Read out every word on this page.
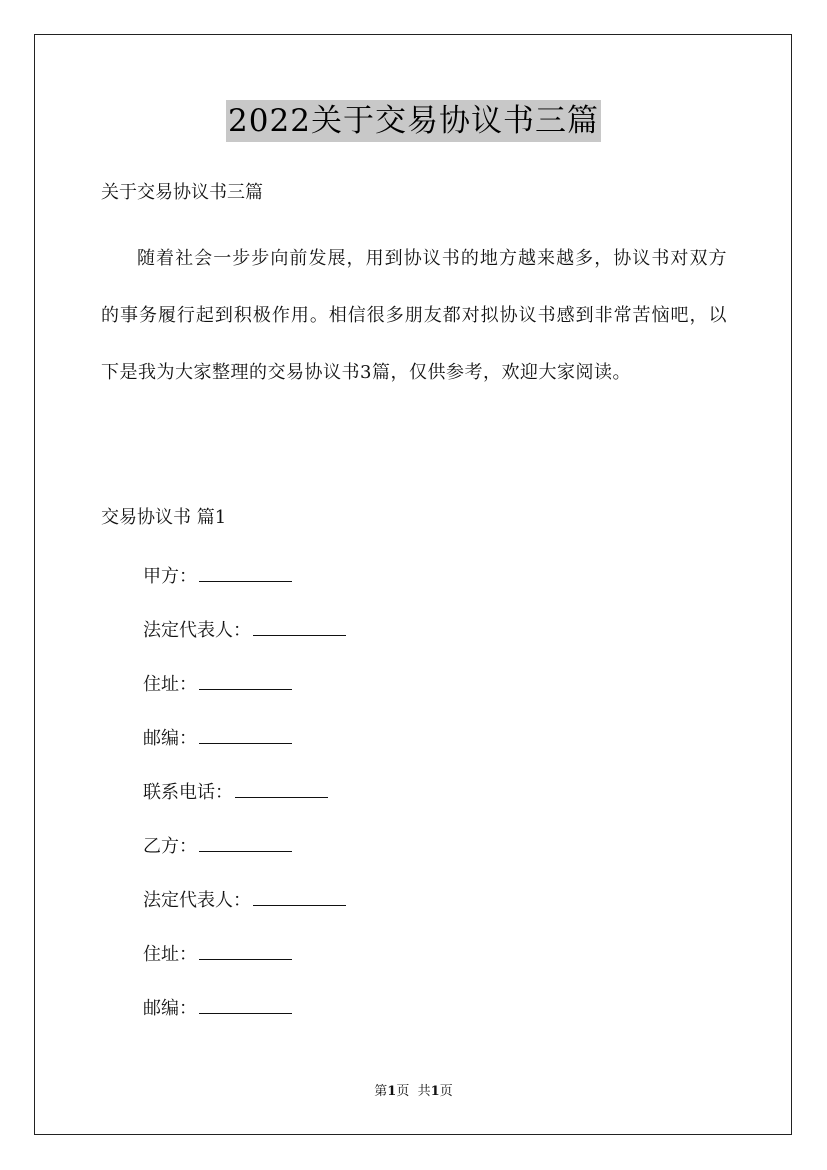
2022关于交易协议书三篇
关于交易协议书三篇
随着社会一步步向前发展，用到协议书的地方越来越多，协议书对双方的事务履行起到积极作用。相信很多朋友都对拟协议书感到非常苦恼吧，以下是我为大家整理的交易协议书3篇，仅供参考，欢迎大家阅读。
交易协议书 篇1
甲方：
法定代表人：
住址：
邮编：
联系电话：
乙方：
法定代表人：
住址：
邮编：
第1页 共1页
